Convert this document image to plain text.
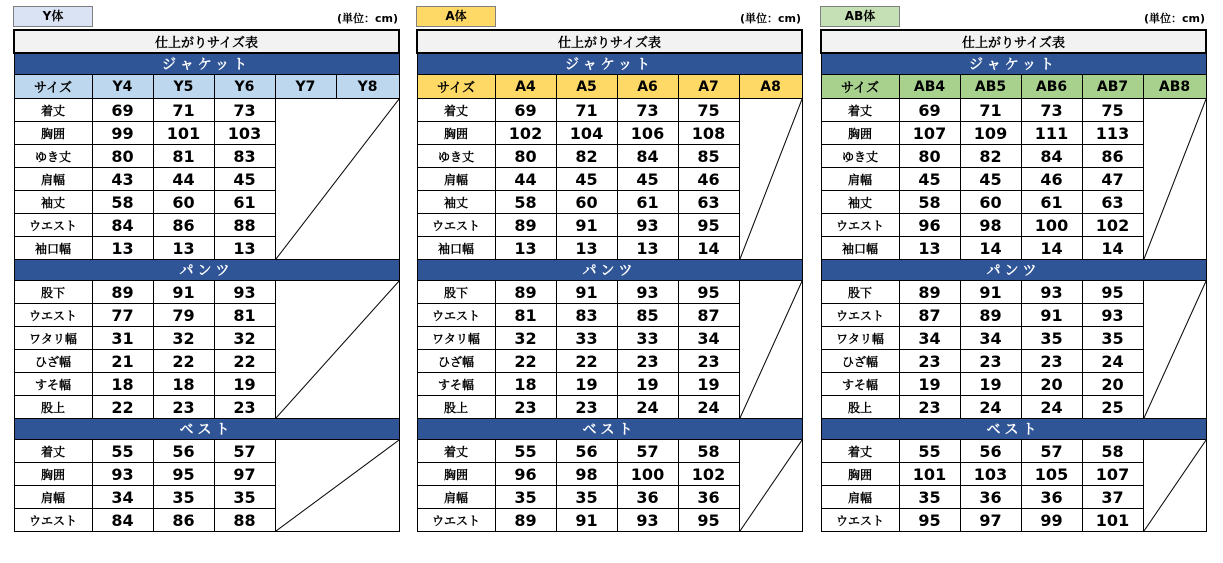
Y体	(単位：cm)
仕上がりサイズ表					
ジャケット					
サイズ	Y4	Y5	Y6	Y7	Y8
着丈	69	71	73	

胸囲	99	101	103		
ゆき丈	80	81	83		
肩幅	43	44	45		
袖丈	58	60	61		
ウエスト	84	86	88		
袖口幅	13	13	13		
パンツ					
股下	89	91	93	

ウエスト	77	79	81		
ワタリ幅	31	32	32		
ひざ幅	21	22	22		
すそ幅	18	18	19		
股上	22	23	23		
ベスト					
着丈	55	56	57	

胸囲	93	95	97		
肩幅	34	35	35		
ウエスト	84	86	88		
A体	(単位：cm)
仕上がりサイズ表					
ジャケット					
サイズ	A4	A5	A6	A7	A8
着丈	69	71	73	75	

胸囲	102	104	106	108	
ゆき丈	80	82	84	85	
肩幅	44	45	45	46	
袖丈	58	60	61	63	
ウエスト	89	91	93	95	
袖口幅	13	13	13	14	
パンツ					
股下	89	91	93	95	

ウエスト	81	83	85	87	
ワタリ幅	32	33	33	34	
ひざ幅	22	22	23	23	
すそ幅	18	19	19	19	
股上	23	23	24	24	
ベスト					
着丈	55	56	57	58	

胸囲	96	98	100	102	
肩幅	35	35	36	36	
ウエスト	89	91	93	95	
AB体	(単位：cm)
仕上がりサイズ表					
ジャケット					
サイズ	AB4	AB5	AB6	AB7	AB8
着丈	69	71	73	75	

胸囲	107	109	111	113	
ゆき丈	80	82	84	86	
肩幅	45	45	46	47	
袖丈	58	60	61	63	
ウエスト	96	98	100	102	
袖口幅	13	14	14	14	
パンツ					
股下	89	91	93	95	

ウエスト	87	89	91	93	
ワタリ幅	34	34	35	35	
ひざ幅	23	23	23	24	
すそ幅	19	19	20	20	
股上	23	24	24	25	
ベスト					
着丈	55	56	57	58	

胸囲	101	103	105	107	
肩幅	35	36	36	37	
ウエスト	95	97	99	101	
